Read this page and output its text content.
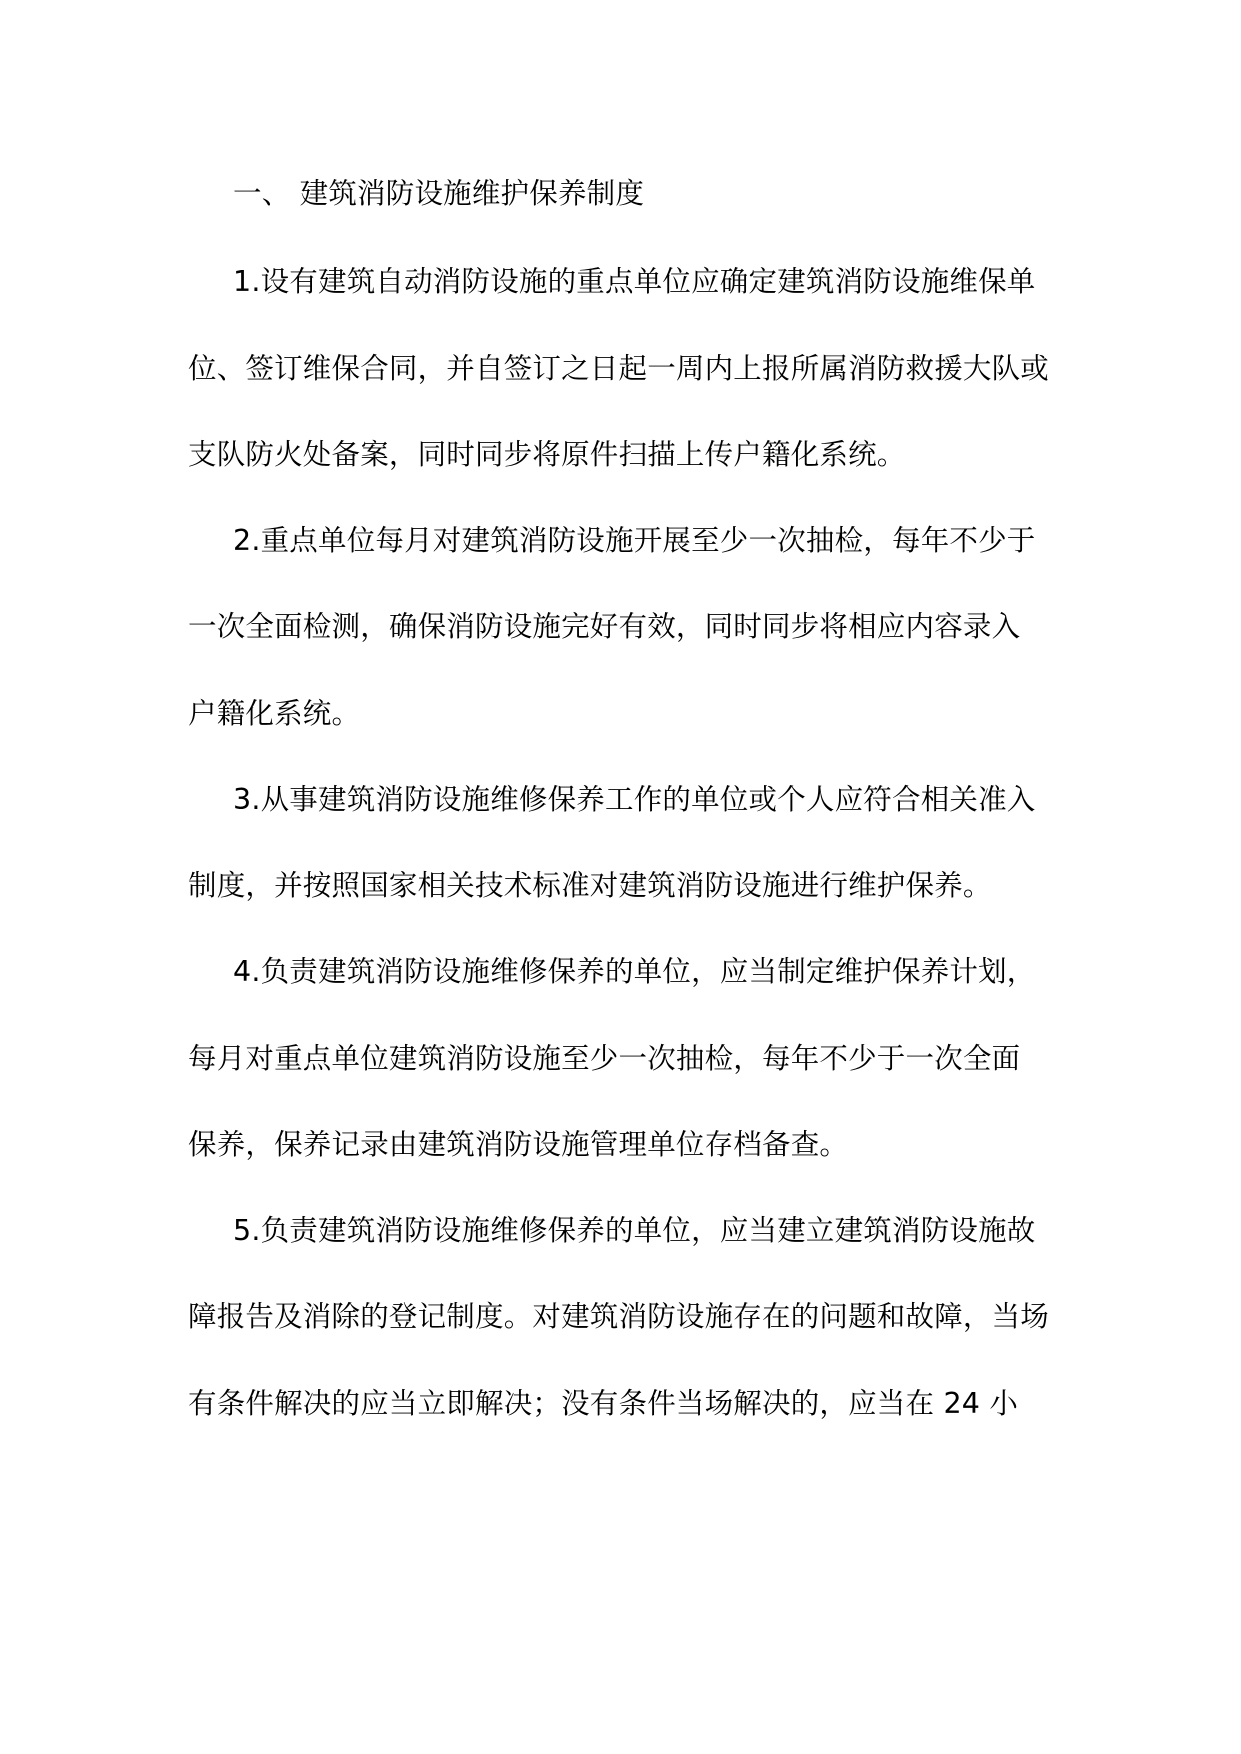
一、 建筑消防设施维护保养制度
1.设有建筑自动消防设施的重点单位应确定建筑消防设施维保单
位、签订维保合同，并自签订之日起一周内上报所属消防救援大队或
支队防火处备案，同时同步将原件扫描上传户籍化系统。
2.重点单位每月对建筑消防设施开展至少一次抽检，每年不少于
一次全面检测，确保消防设施完好有效，同时同步将相应内容录入
户籍化系统。
3.从事建筑消防设施维修保养工作的单位或个人应符合相关准入
制度，并按照国家相关技术标准对建筑消防设施进行维护保养。
4.负责建筑消防设施维修保养的单位，应当制定维护保养计划，
每月对重点单位建筑消防设施至少一次抽检，每年不少于一次全面
保养，保养记录由建筑消防设施管理单位存档备查。
5.负责建筑消防设施维修保养的单位，应当建立建筑消防设施故
障报告及消除的登记制度。对建筑消防设施存在的问题和故障，当场
有条件解决的应当立即解决；没有条件当场解决的，应当在 24 小
